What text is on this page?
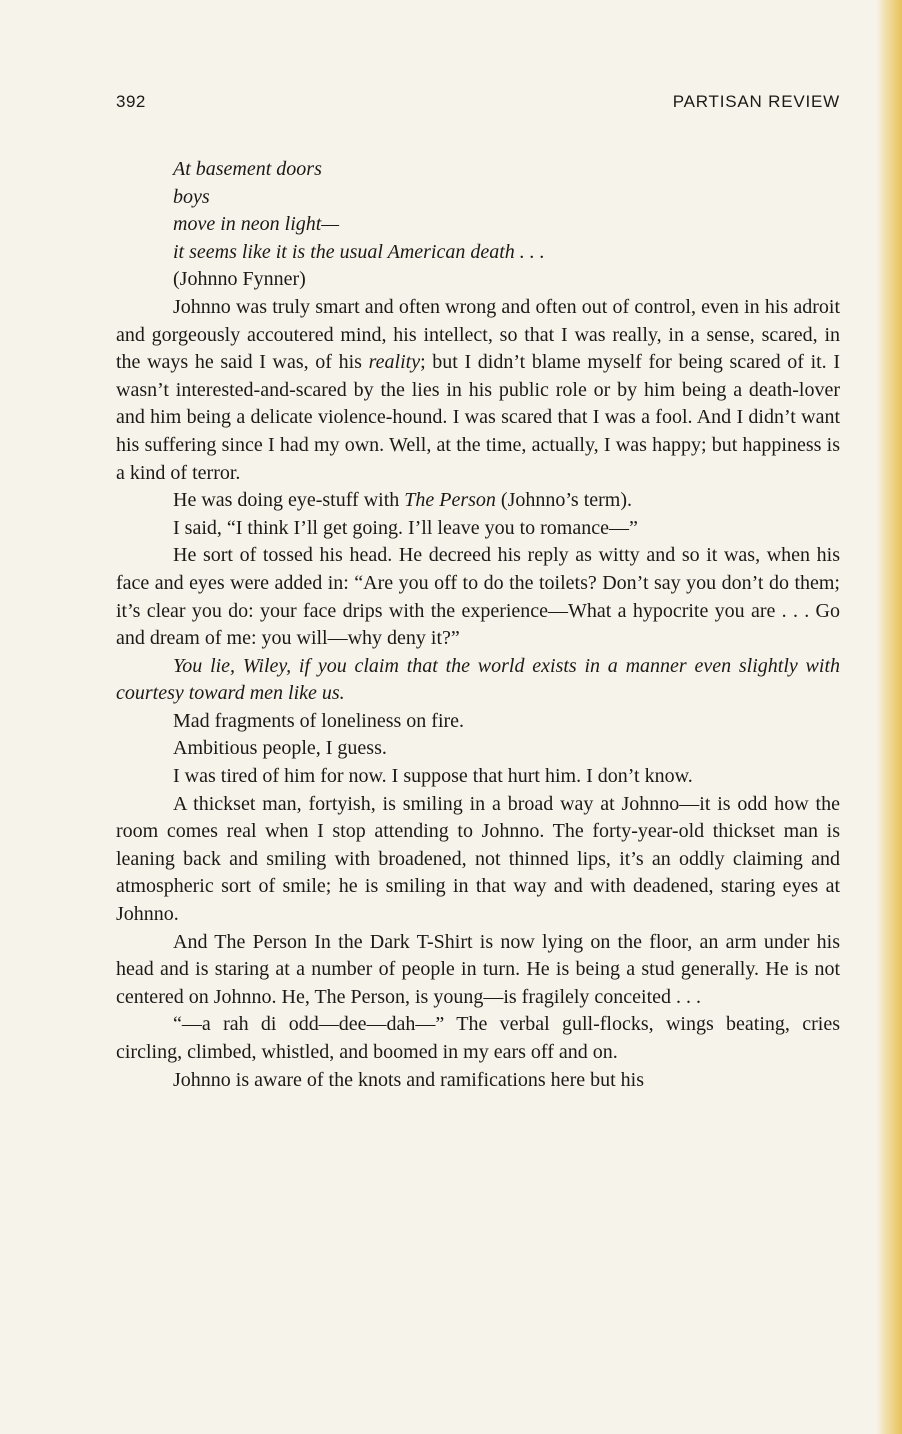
392	PARTISAN REVIEW
At basement doors
boys
move in neon light—
it seems like it is the usual American death . . .
(Johnno Fynner)

Johnno was truly smart and often wrong and often out of control, even in his adroit and gorgeously accoutered mind, his intellect, so that I was really, in a sense, scared, in the ways he said I was, of his reality; but I didn’t blame myself for being scared of it. I wasn’t interested-and-scared by the lies in his public role or by him being a death-lover and him being a delicate violence-hound. I was scared that I was a fool. And I didn’t want his suffering since I had my own. Well, at the time, actually, I was happy; but happiness is a kind of terror.

He was doing eye-stuff with The Person (Johnno’s term).

I said, “I think I’ll get going. I’ll leave you to romance—”

He sort of tossed his head. He decreed his reply as witty and so it was, when his face and eyes were added in: “Are you off to do the toilets? Don’t say you don’t do them; it’s clear you do: your face drips with the experience—What a hypocrite you are . . . Go and dream of me: you will—why deny it?”

You lie, Wiley, if you claim that the world exists in a manner even slightly with courtesy toward men like us.

Mad fragments of loneliness on fire.

Ambitious people, I guess.

I was tired of him for now. I suppose that hurt him. I don’t know.

A thickset man, fortyish, is smiling in a broad way at Johnno—it is odd how the room comes real when I stop attending to Johnno. The forty-year-old thickset man is leaning back and smiling with broadened, not thinned lips, it’s an oddly claiming and atmospheric sort of smile; he is smiling in that way and with deadened, staring eyes at Johnno.

And The Person In the Dark T-Shirt is now lying on the floor, an arm under his head and is staring at a number of people in turn. He is being a stud generally. He is not centered on Johnno. He, The Person, is young—is fragilely conceited . . .

“—a rah di odd—dee—dah—” The verbal gull-flocks, wings beating, cries circling, climbed, whistled, and boomed in my ears off and on.

Johnno is aware of the knots and ramifications here but his
